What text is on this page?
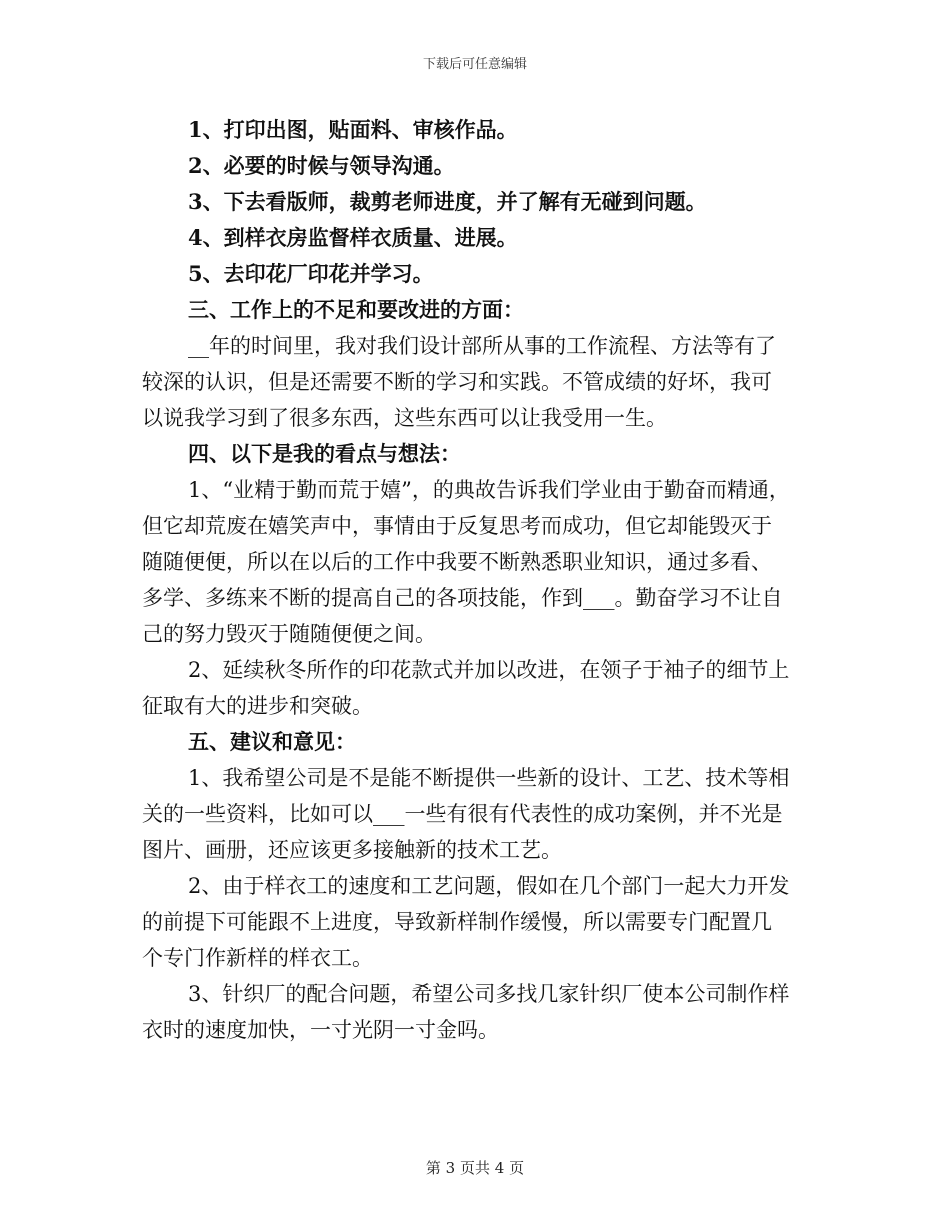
下载后可任意编辑
1、打印出图，贴面料、审核作品。
2、必要的时候与领导沟通。
3、下去看版师，裁剪老师进度，并了解有无碰到问题。
4、到样衣房监督样衣质量、进展。
5、去印花厂印花并学习。
三、工作上的不足和要改进的方面：
__年的时间里，我对我们设计部所从事的工作流程、方法等有了
较深的认识，但是还需要不断的学习和实践。不管成绩的好坏，我可
以说我学习到了很多东西，这些东西可以让我受用一生。
四、以下是我的看点与想法：
1、“业精于勤而荒于嬉”，的典故告诉我们学业由于勤奋而精通，
但它却荒废在嬉笑声中，事情由于反复思考而成功，但它却能毁灭于
随随便便，所以在以后的工作中我要不断熟悉职业知识，通过多看、
多学、多练来不断的提高自己的各项技能，作到___。勤奋学习不让自
己的努力毁灭于随随便便之间。
2、延续秋冬所作的印花款式并加以改进，在领子于袖子的细节上
征取有大的进步和突破。
五、建议和意见：
1、我希望公司是不是能不断提供一些新的设计、工艺、技术等相
关的一些资料，比如可以___一些有很有代表性的成功案例，并不光是
图片、画册，还应该更多接触新的技术工艺。
2、由于样衣工的速度和工艺问题，假如在几个部门一起大力开发
的前提下可能跟不上进度，导致新样制作缓慢，所以需要专门配置几
个专门作新样的样衣工。
3、针织厂的配合问题，希望公司多找几家针织厂使本公司制作样
衣时的速度加快，一寸光阴一寸金吗。
第 3 页共 4 页
